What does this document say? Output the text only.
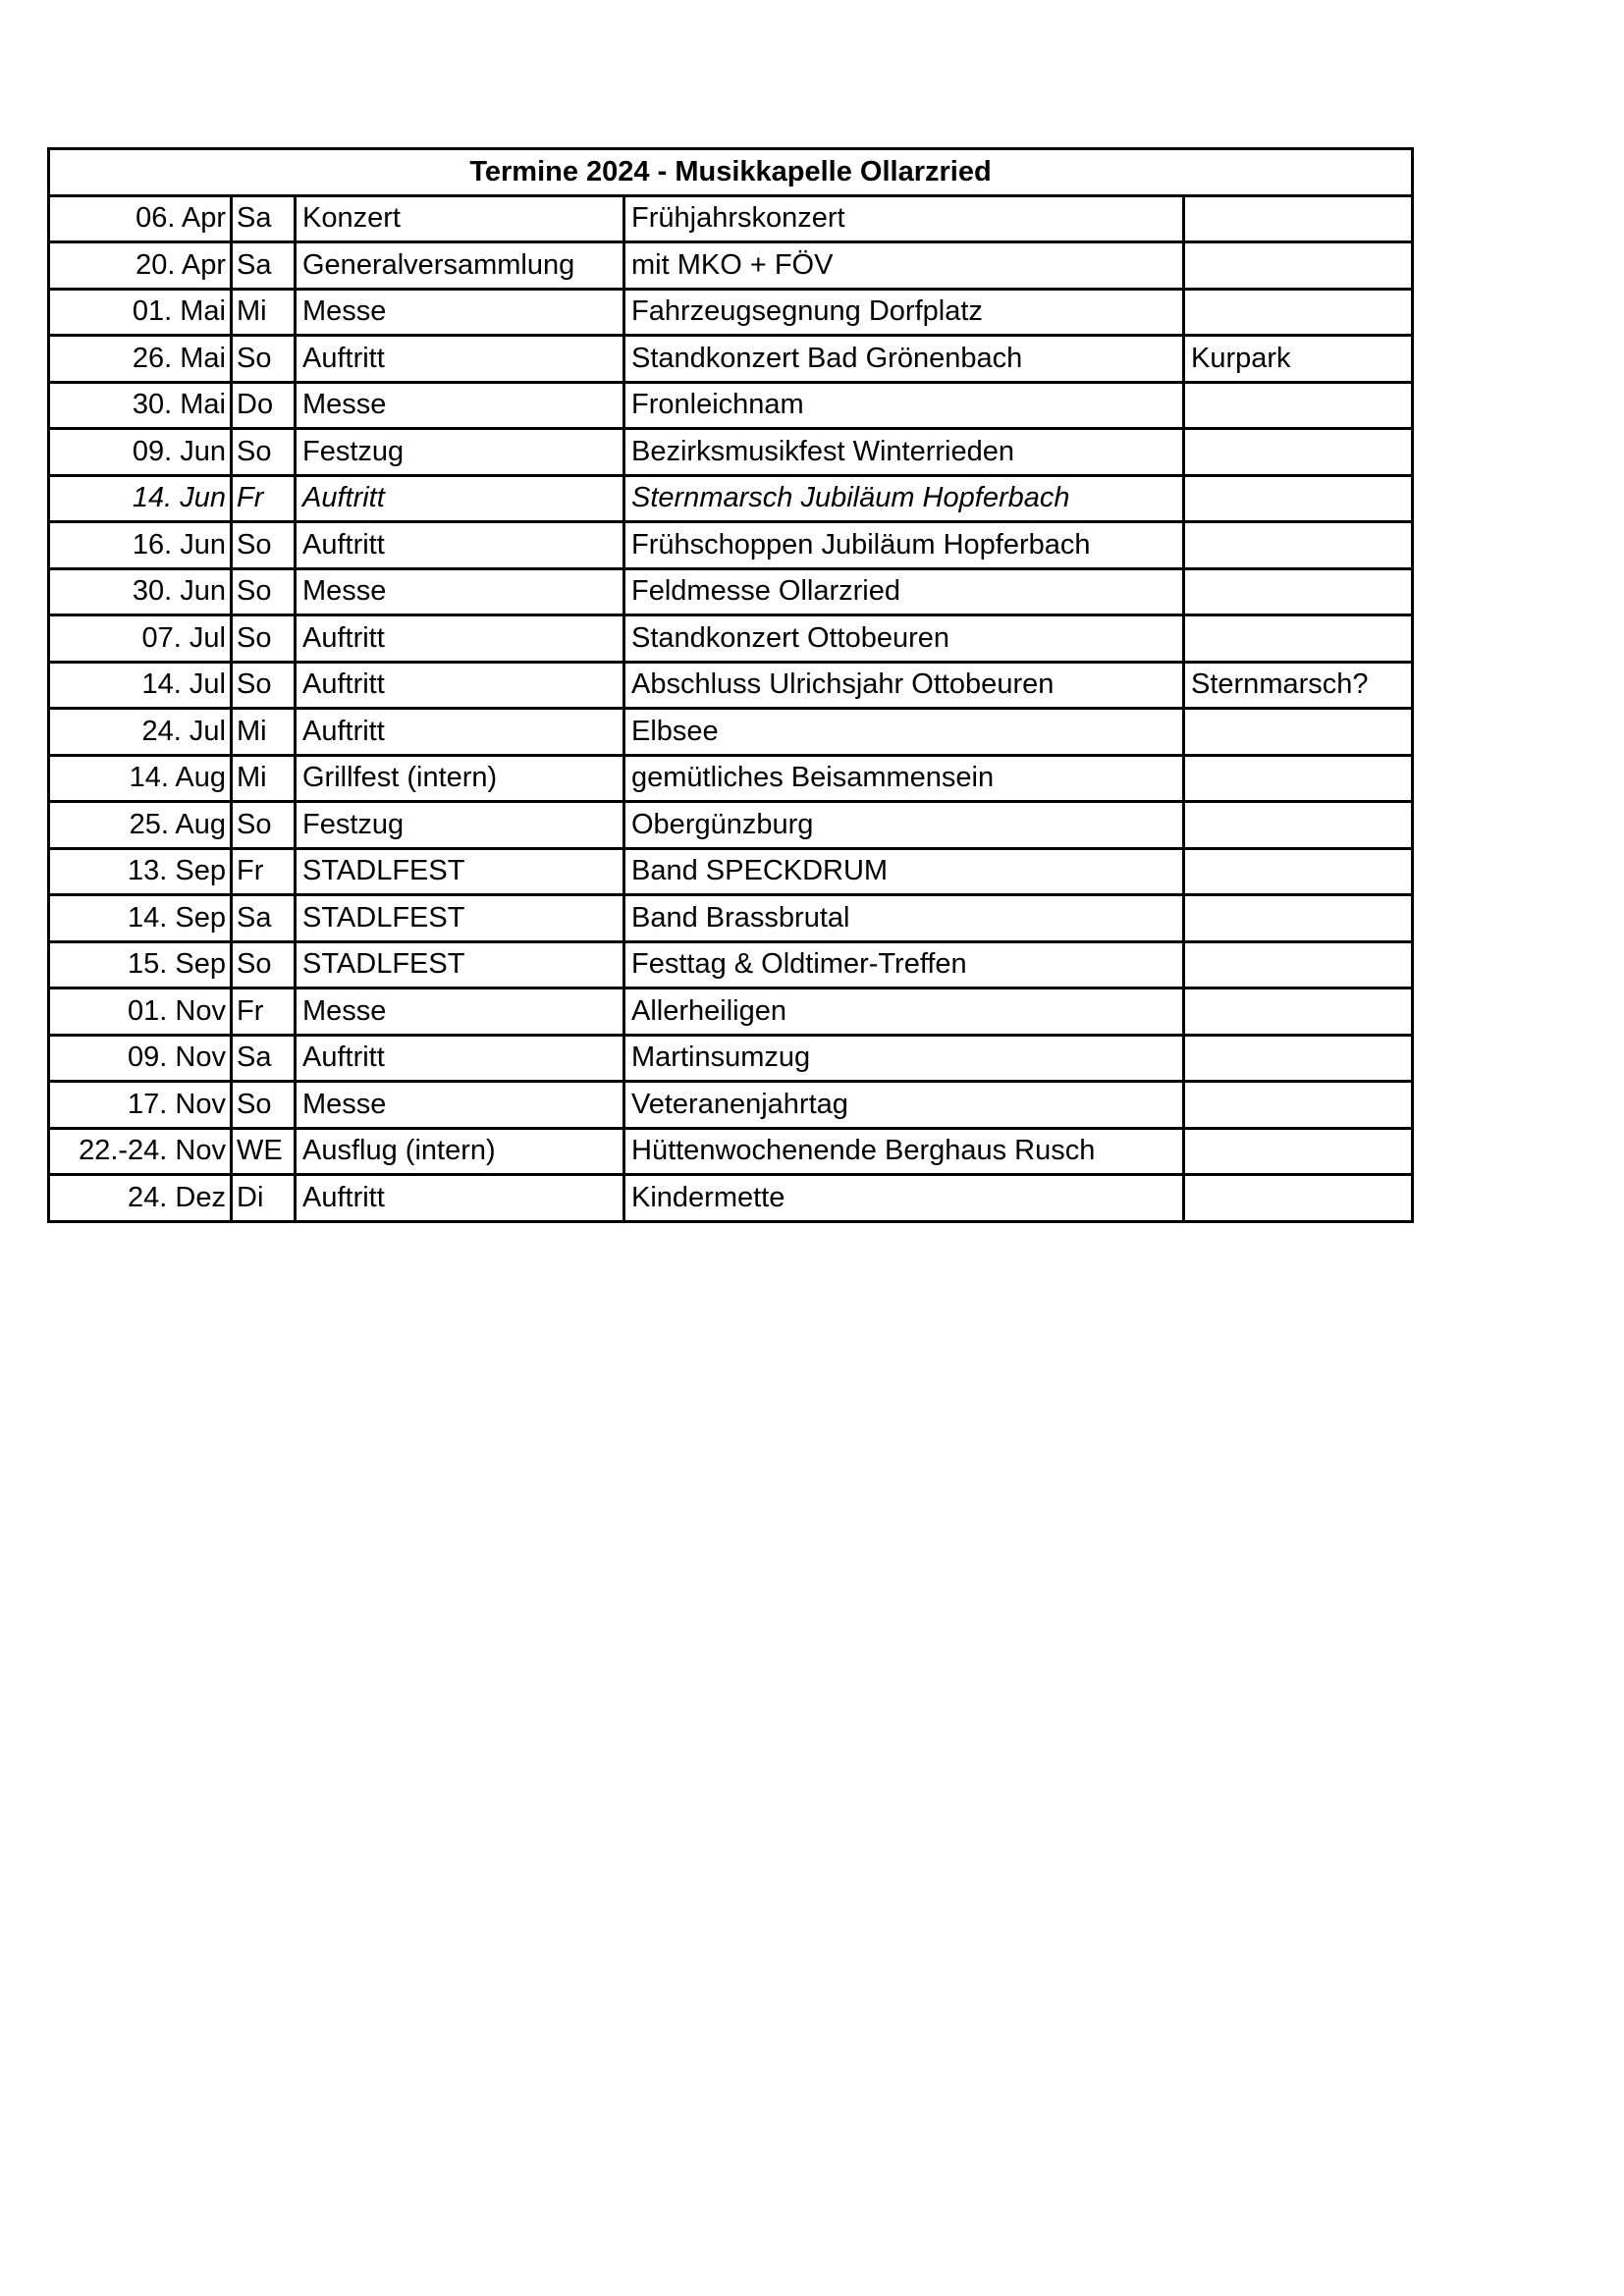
Termine 2024 - Musikkapelle Ollarzried				
06. Apr	Sa	Konzert	Frühjahrskonzert	
20. Apr	Sa	Generalversammlung	mit MKO + FÖV	
01. Mai	Mi	Messe	Fahrzeugsegnung Dorfplatz	
26. Mai	So	Auftritt	Standkonzert Bad Grönenbach	Kurpark
30. Mai	Do	Messe	Fronleichnam	
09. Jun	So	Festzug	Bezirksmusikfest Winterrieden	
14. Jun	Fr	Auftritt	Sternmarsch Jubiläum Hopferbach	
16. Jun	So	Auftritt	Frühschoppen Jubiläum Hopferbach	
30. Jun	So	Messe	Feldmesse Ollarzried	
07. Jul	So	Auftritt	Standkonzert Ottobeuren	
14. Jul	So	Auftritt	Abschluss Ulrichsjahr Ottobeuren	Sternmarsch?
24. Jul	Mi	Auftritt	Elbsee	
14. Aug	Mi	Grillfest (intern)	gemütliches Beisammensein	
25. Aug	So	Festzug	Obergünzburg	
13. Sep	Fr	STADLFEST	Band SPECKDRUM	
14. Sep	Sa	STADLFEST	Band Brassbrutal	
15. Sep	So	STADLFEST	Festtag & Oldtimer-Treffen	
01. Nov	Fr	Messe	Allerheiligen	
09. Nov	Sa	Auftritt	Martinsumzug	
17. Nov	So	Messe	Veteranenjahrtag	
22.-24. Nov	WE	Ausflug (intern)	Hüttenwochenende Berghaus Rusch	
24. Dez	Di	Auftritt	Kindermette	
